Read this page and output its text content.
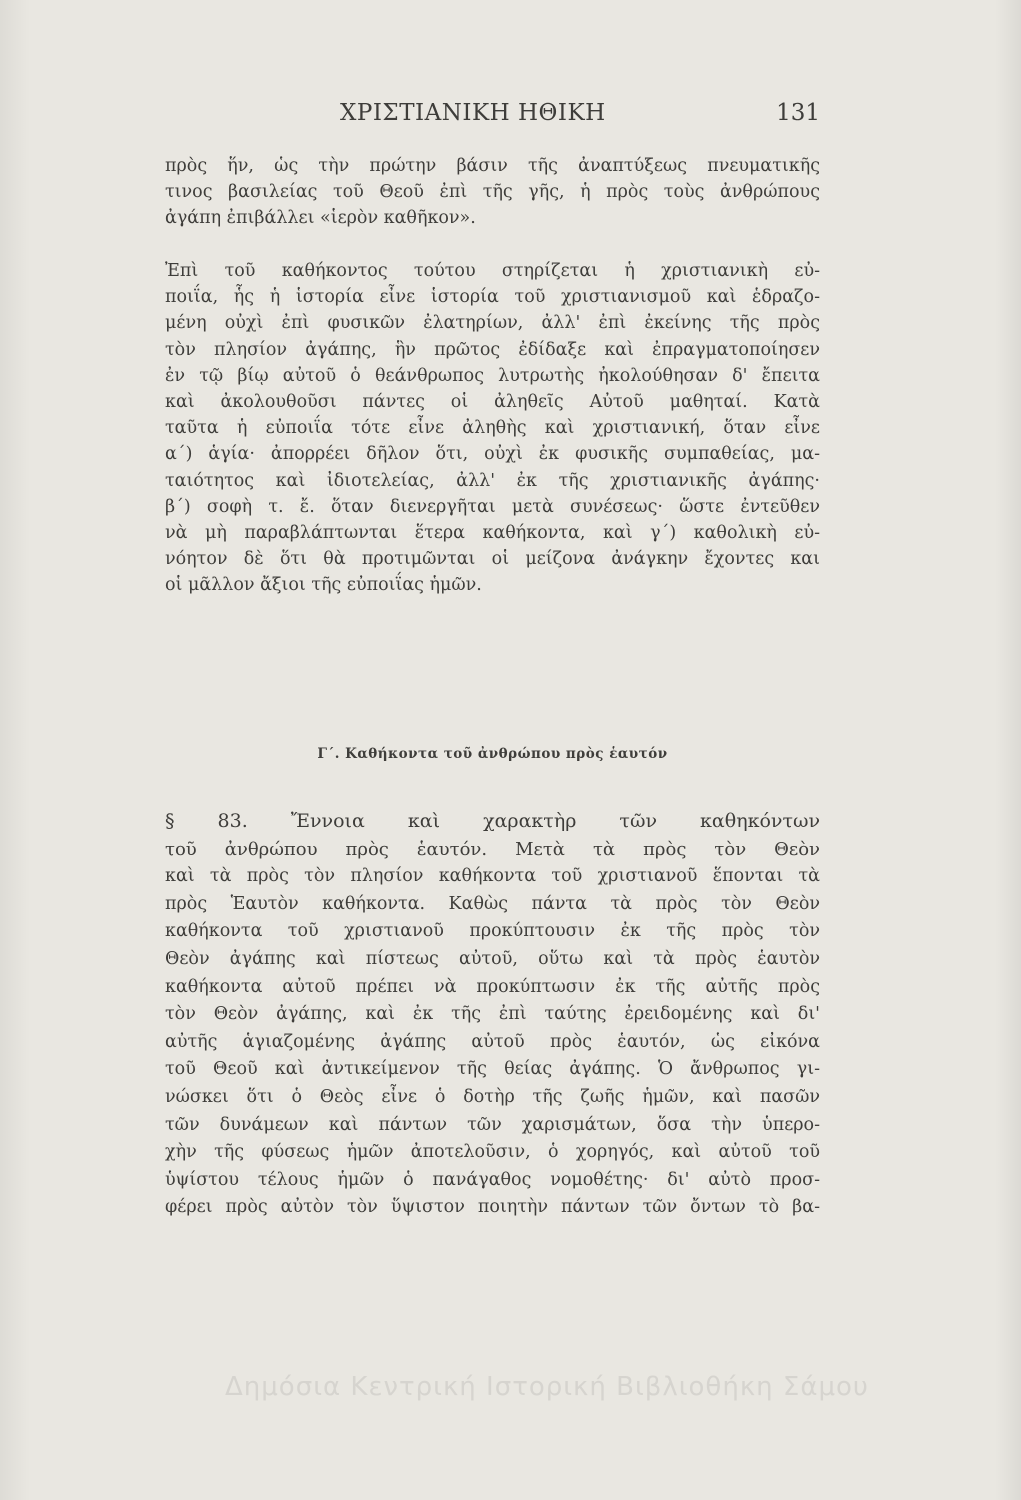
ΧΡΙΣΤΙΑΝΙΚΗ ΗΘΙΚΗ	131
πρὸς ἥν, ὡς τὴν πρώτην βάσιν τῆς ἀναπτύξεως πνευματικῆς
τινος βασιλείας τοῦ Θεοῦ ἐπὶ τῆς γῆς, ἡ πρὸς τοὺς ἀνθρώπους
ἀγάπη ἐπιβάλλει «ἱερὸν καθῆκον».
Ἐπὶ τοῦ καθήκοντος τούτου στηρίζεται ἡ χριστιανικὴ εὐ-
ποιΐα, ἧς ἡ ἱστορία εἶνε ἱστορία τοῦ χριστιανισμοῦ καὶ ἑδραζο-
μένη οὐχὶ ἐπὶ φυσικῶν ἐλατηρίων, ἀλλ' ἐπὶ ἐκείνης τῆς πρὸς
τὸν πλησίον ἀγάπης, ἣν πρῶτος ἐδίδαξε καὶ ἐπραγματοποίησεν
ἐν τῷ βίῳ αὐτοῦ ὁ θεάνθρωπος λυτρωτὴς ἠκολούθησαν δ' ἔπειτα
καὶ ἀκολουθοῦσι πάντες οἱ ἀληθεῖς Αὐτοῦ μαθηταί. Κατὰ
ταῦτα ἡ εὐποιΐα τότε εἶνε ἀληθὴς καὶ χριστιανική, ὅταν εἶνε
α΄) ἁγία· ἀπορρέει δῆλον ὅτι, οὐχὶ ἐκ φυσικῆς συμπαθείας, μα-
ταιότητος καὶ ἰδιοτελείας, ἀλλ' ἐκ τῆς χριστιανικῆς ἀγάπης·
β΄) σοφὴ τ. ἔ. ὅταν διενεργῆται μετὰ συνέσεως· ὥστε ἐντεῦθεν
νὰ μὴ παραβλάπτωνται ἕτερα καθήκοντα, καὶ γ΄) καθολικὴ εὐ-
νόητον δὲ ὅτι θὰ προτιμῶνται οἱ μείζονα ἀνάγκην ἔχοντες και
οἱ μᾶλλον ἄξιοι τῆς εὐποιΐας ἡμῶν.
Γ΄. Καθήκοντα τοῦ ἀνθρώπου πρὸς ἑαυτόν
§ 83. Ἔννοια καὶ χαρακτὴρ τῶν καθηκόντων
τοῦ ἀνθρώπου πρὸς ἑαυτόν. Μετὰ τὰ πρὸς τὸν Θεὸν
καὶ τὰ πρὸς τὸν πλησίον καθήκοντα τοῦ χριστιανοῦ ἕπονται τὰ
πρὸς Ἑαυτὸν καθήκοντα. Καθὼς πάντα τὰ πρὸς τὸν Θεὸν
καθήκοντα τοῦ χριστιανοῦ προκύπτουσιν ἐκ τῆς πρὸς τὸν
Θεὸν ἀγάπης καὶ πίστεως αὐτοῦ, οὕτω καὶ τὰ πρὸς ἑαυτὸν
καθήκοντα αὐτοῦ πρέπει νὰ προκύπτωσιν ἐκ τῆς αὐτῆς πρὸς
τὸν Θεὸν ἀγάπης, καὶ ἐκ τῆς ἐπὶ ταύτης ἐρειδομένης καὶ δι'
αὐτῆς ἁγιαζομένης ἀγάπης αὐτοῦ πρὸς ἑαυτόν, ὡς εἰκόνα
τοῦ Θεοῦ καὶ ἀντικείμενον τῆς θείας ἀγάπης. Ὁ ἄνθρωπος γι-
νώσκει ὅτι ὁ Θεὸς εἶνε ὁ δοτὴρ τῆς ζωῆς ἡμῶν, καὶ πασῶν
τῶν δυνάμεων καὶ πάντων τῶν χαρισμάτων, ὅσα τὴν ὑπερο-
χὴν τῆς φύσεως ἡμῶν ἀποτελοῦσιν, ὁ χορηγός, καὶ αὐτοῦ τοῦ
ὑψίστου τέλους ἡμῶν ὁ πανάγαθος νομοθέτης· δι' αὐτὸ προσ-
φέρει πρὸς αὐτὸν τὸν ὕψιστον ποιητὴν πάντων τῶν ὄντων τὸ βα-
Δημόσια Κεντρική Ιστορική Βιβλιοθήκη Σάμου
